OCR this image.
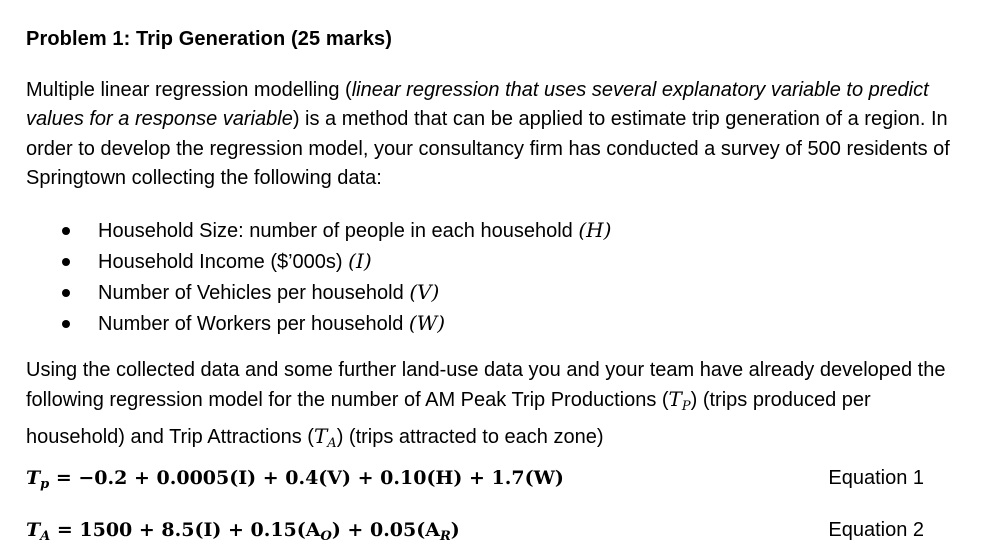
Problem 1: Trip Generation (25 marks)
Multiple linear regression modelling (linear regression that uses several explanatory variable to predict values for a response variable) is a method that can be applied to estimate trip generation of a region. In order to develop the regression model, your consultancy firm has conducted a survey of 500 residents of Springtown collecting the following data:
Household Size: number of people in each household (H)
Household Income ($’000s) (I)
Number of Vehicles per household (V)
Number of Workers per household (W)
Using the collected data and some further land-use data you and your team have already developed the following regression model for the number of AM Peak Trip Productions $(T_P)$ (trips produced per household) and Trip Attractions $(T_A)$ (trips attracted to each zone)
$T_p = -0.2 + 0.0005(I) + 0.4(V) + 0.10(H) + 1.7(W)$	Equation 1
$T_A = 1500 + 8.5(I) + 0.15(A_O) + 0.05(A_R)$	Equation 2
